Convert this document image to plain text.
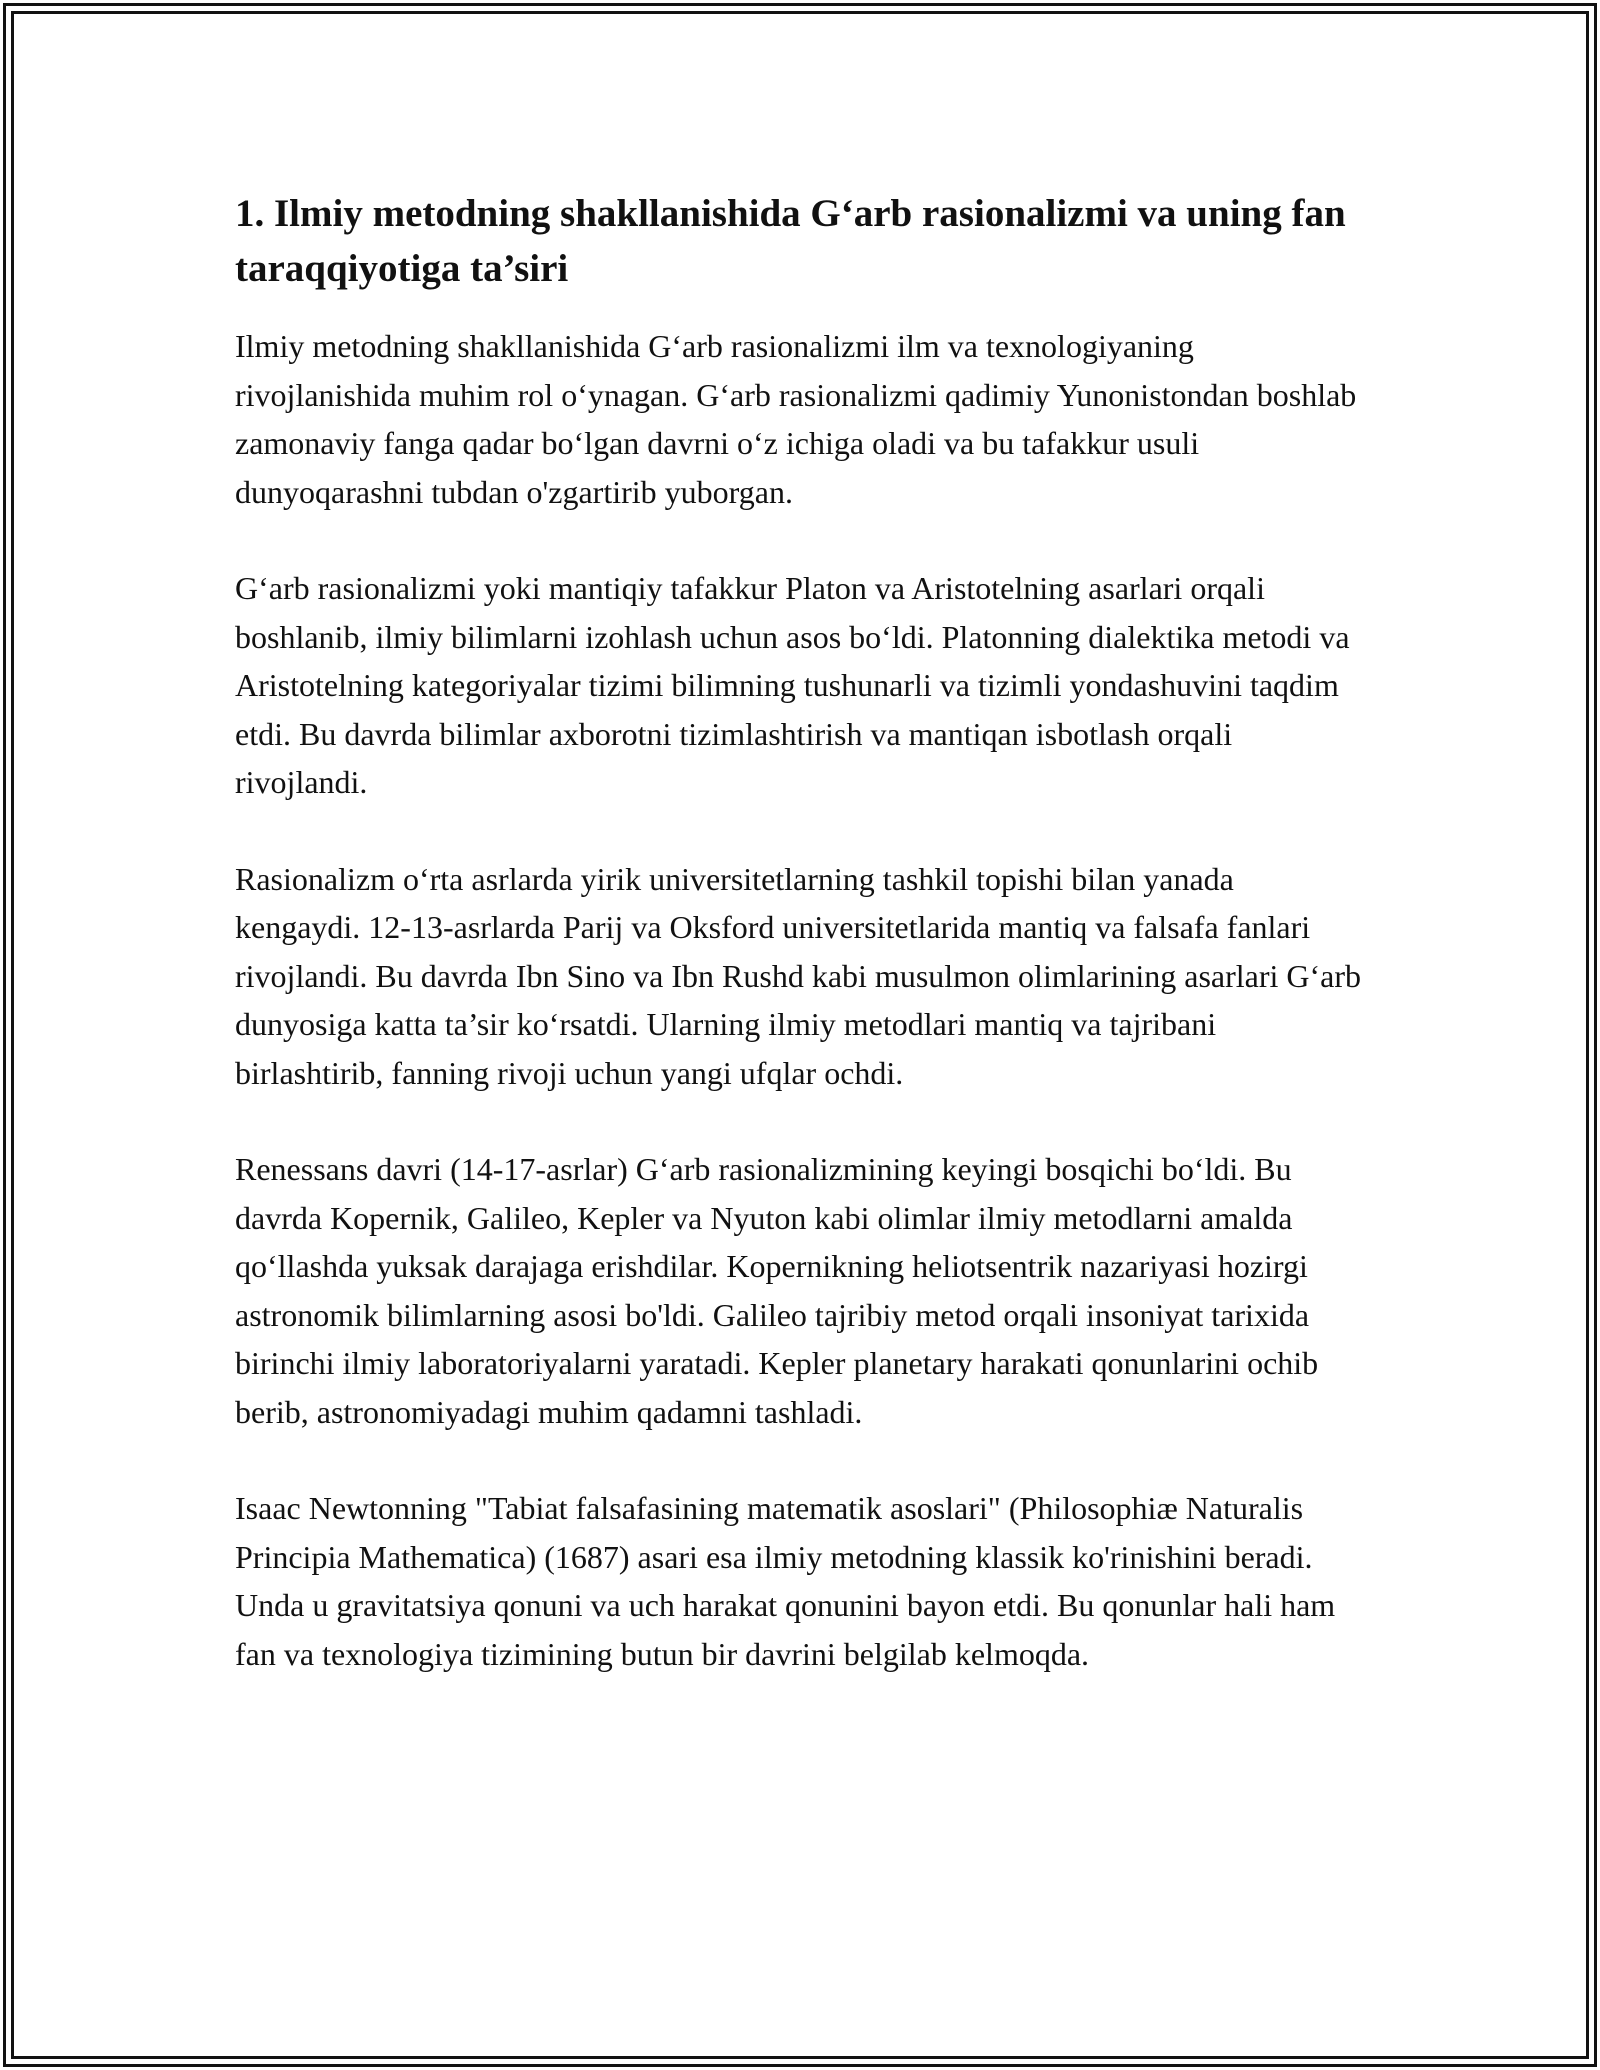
1. Ilmiy metodning shakllanishida G‘arb rasionalizmi va uning fan taraqqiyotiga ta’siri

Ilmiy metodning shakllanishida G‘arb rasionalizmi ilm va texnologiyaning rivojlanishida muhim rol o‘ynagan. G‘arb rasionalizmi qadimiy Yunonistondan boshlab zamonaviy fanga qadar bo‘lgan davrni o‘z ichiga oladi va bu tafakkur usuli dunyoqarashni tubdan o'zgartirib yuborgan.

G‘arb rasionalizmi yoki mantiqiy tafakkur Platon va Aristotelning asarlari orqali boshlanib, ilmiy bilimlarni izohlash uchun asos bo‘ldi. Platonning dialektika metodi va Aristotelning kategoriyalar tizimi bilimning tushunarli va tizimli yondashuvini taqdim etdi. Bu davrda bilimlar axborotni tizimlashtirish va mantiqan isbotlash orqali rivojlandi.

Rasionalizm o‘rta asrlarda yirik universitetlarning tashkil topishi bilan yanada kengaydi. 12-13-asrlarda Parij va Oksford universitetlarida mantiq va falsafa fanlari rivojlandi. Bu davrda Ibn Sino va Ibn Rushd kabi musulmon olimlarining asarlari G‘arb dunyosiga katta ta’sir ko‘rsatdi. Ularning ilmiy metodlari mantiq va tajribani birlashtirib, fanning rivoji uchun yangi ufqlar ochdi.

Renessans davri (14-17-asrlar) G‘arb rasionalizmining keyingi bosqichi bo‘ldi. Bu davrda Kopernik, Galileo, Kepler va Nyuton kabi olimlar ilmiy metodlarni amalda qo‘llashda yuksak darajaga erishdilar. Kopernikning heliotsentrik nazariyasi hozirgi astronomik bilimlarning asosi bo'ldi. Galileo tajribiy metod orqali insoniyat tarixida birinchi ilmiy laboratoriyalarni yaratadi. Kepler planetary harakati qonunlarini ochib berib, astronomiyadagi muhim qadamni tashladi.

Isaac Newtonning "Tabiat falsafasining matematik asoslari" (Philosophiæ Naturalis Principia Mathematica) (1687) asari esa ilmiy metodning klassik ko'rinishini beradi. Unda u gravitatsiya qonuni va uch harakat qonunini bayon etdi. Bu qonunlar hali ham fan va texnologiya tizimining butun bir davrini belgilab kelmoqda.
